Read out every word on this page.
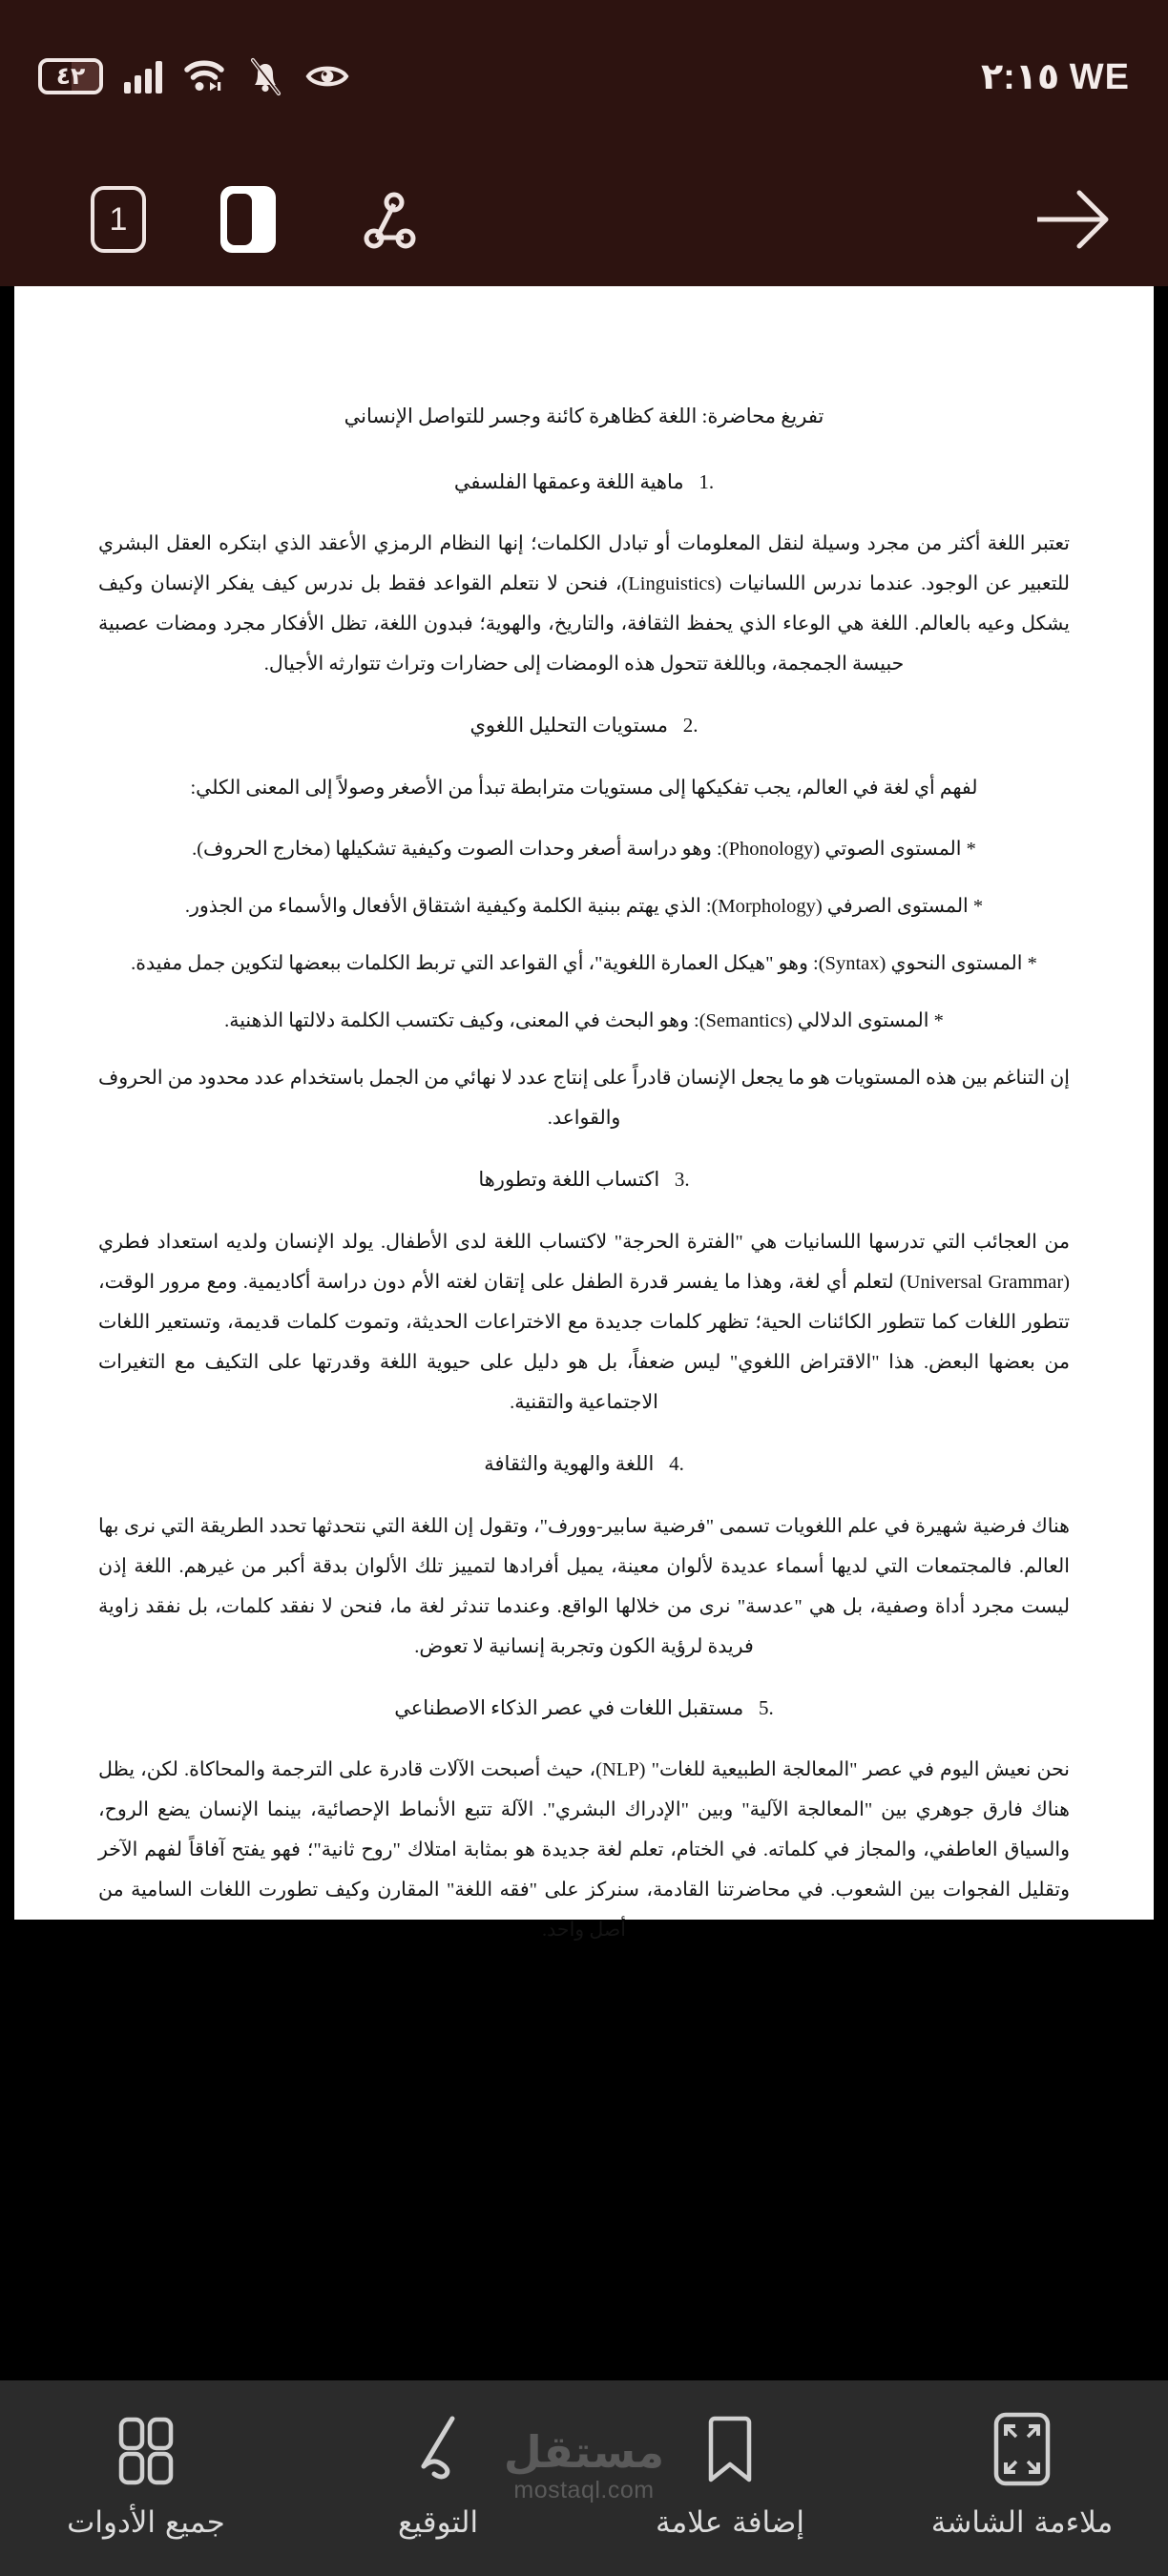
٤٢	٢:١٥ WE
1
تفريغ محاضرة: اللغة كظاهرة كائنة وجسر للتواصل الإنساني
1.   ماهية اللغة وعمقها الفلسفي

تعتبر اللغة أكثر من مجرد وسيلة لنقل المعلومات أو تبادل الكلمات؛ إنها النظام الرمزي الأعقد الذي ابتكره العقل البشري للتعبير عن الوجود. عندما ندرس اللسانيات (Linguistics)، فنحن لا نتعلم القواعد فقط بل ندرس كيف يفكر الإنسان وكيف يشكل وعيه بالعالم. اللغة هي الوعاء الذي يحفظ الثقافة، والتاريخ، والهوية؛ فبدون اللغة، تظل الأفكار مجرد ومضات عصبية حبيسة الجمجمة، وباللغة تتحول هذه الومضات إلى حضارات وتراث تتوارثه الأجيال.

2.   مستويات التحليل اللغوي

لفهم أي لغة في العالم، يجب تفكيكها إلى مستويات مترابطة تبدأ من الأصغر وصولاً إلى المعنى الكلي:

* المستوى الصوتي (Phonology): وهو دراسة أصغر وحدات الصوت وكيفية تشكيلها (مخارج الحروف).

* المستوى الصرفي (Morphology): الذي يهتم ببنية الكلمة وكيفية اشتقاق الأفعال والأسماء من الجذور.

* المستوى النحوي (Syntax): وهو "هيكل العمارة اللغوية"، أي القواعد التي تربط الكلمات ببعضها لتكوين جمل مفيدة.

* المستوى الدلالي (Semantics): وهو البحث في المعنى، وكيف تكتسب الكلمة دلالتها الذهنية.

إن التناغم بين هذه المستويات هو ما يجعل الإنسان قادراً على إنتاج عدد لا نهائي من الجمل باستخدام عدد محدود من الحروف والقواعد.

3.   اكتساب اللغة وتطورها

من العجائب التي تدرسها اللسانيات هي "الفترة الحرجة" لاكتساب اللغة لدى الأطفال. يولد الإنسان ولديه استعداد فطري (Universal Grammar) لتعلم أي لغة، وهذا ما يفسر قدرة الطفل على إتقان لغته الأم دون دراسة أكاديمية. ومع مرور الوقت، تتطور اللغات كما تتطور الكائنات الحية؛ تظهر كلمات جديدة مع الاختراعات الحديثة، وتموت كلمات قديمة، وتستعير اللغات من بعضها البعض. هذا "الاقتراض اللغوي" ليس ضعفاً، بل هو دليل على حيوية اللغة وقدرتها على التكيف مع التغيرات الاجتماعية والتقنية.

4.   اللغة والهوية والثقافة

هناك فرضية شهيرة في علم اللغويات تسمى "فرضية سابير-وورف"، وتقول إن اللغة التي نتحدثها تحدد الطريقة التي نرى بها العالم. فالمجتمعات التي لديها أسماء عديدة لألوان معينة، يميل أفرادها لتمييز تلك الألوان بدقة أكبر من غيرهم. اللغة إذن ليست مجرد أداة وصفية، بل هي "عدسة" نرى من خلالها الواقع. وعندما تندثر لغة ما، فنحن لا نفقد كلمات، بل نفقد زاوية فريدة لرؤية الكون وتجربة إنسانية لا تعوض.

5.   مستقبل اللغات في عصر الذكاء الاصطناعي

نحن نعيش اليوم في عصر "المعالجة الطبيعية للغات" (NLP)، حيث أصبحت الآلات قادرة على الترجمة والمحاكاة. لكن، يظل هناك فارق جوهري بين "المعالجة الآلية" وبين "الإدراك البشري". الآلة تتبع الأنماط الإحصائية، بينما الإنسان يضع الروح، والسياق العاطفي، والمجاز في كلماته. في الختام، تعلم لغة جديدة هو بمثابة امتلاك "روح ثانية"؛ فهو يفتح آفاقاً لفهم الآخر وتقليل الفجوات بين الشعوب. في محاضرتنا القادمة، سنركز على "فقه اللغة" المقارن وكيف تطورت اللغات السامية من أصل واحد.

ملاءمة الشاشة
إضافة علامة
التوقيع
جميع الأدوات
مستقل
mostaql.com
